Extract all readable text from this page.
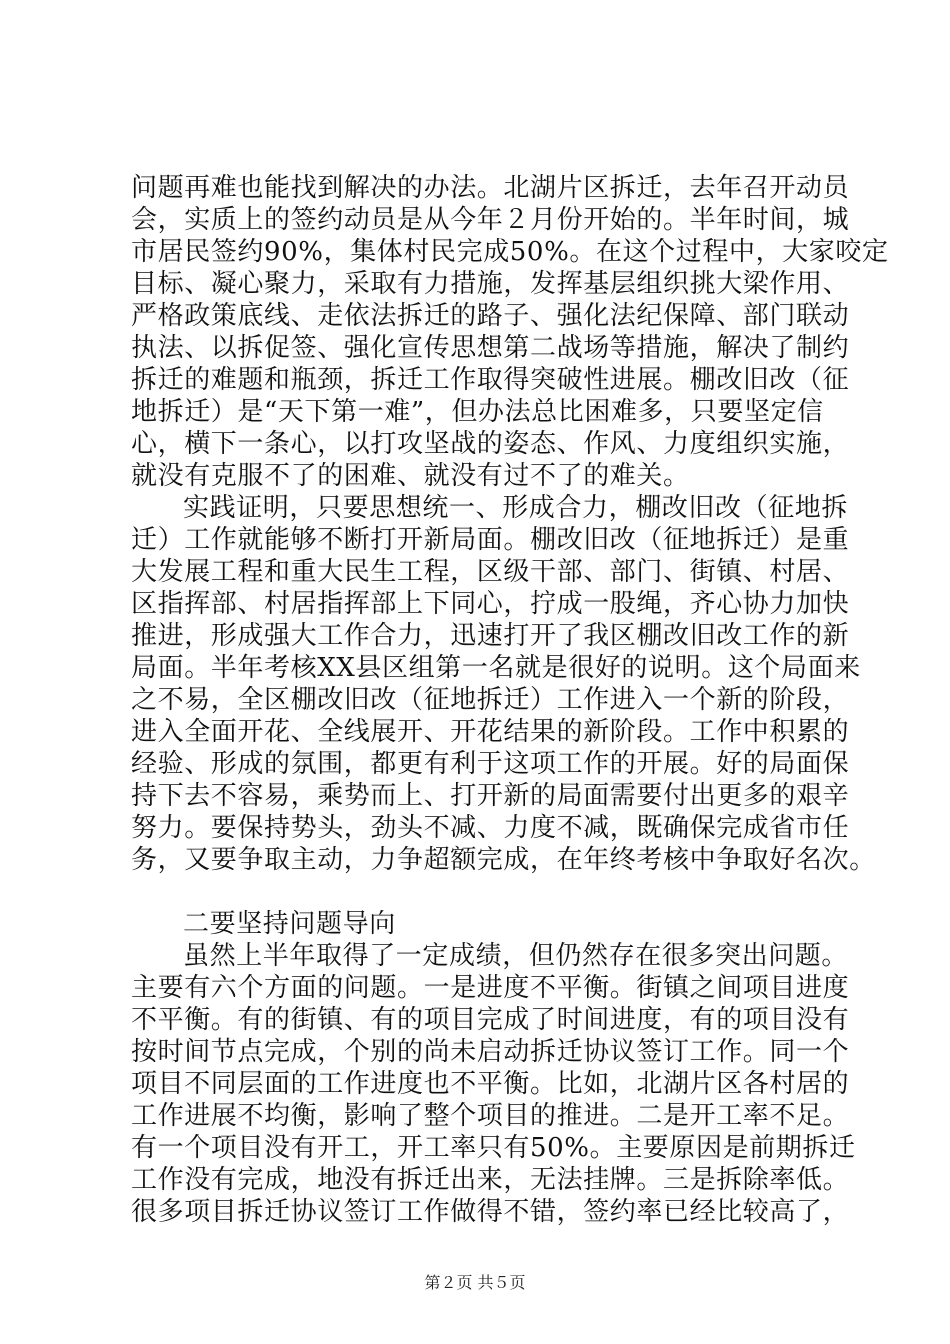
问题再难也能找到解决的办法。北湖片区拆迁，去年召开动员
会，实质上的签约动员是从今年２月份开始的。半年时间，城
市居民签约90%，集体村民完成50%。在这个过程中，大家咬定
目标、凝心聚力，采取有力措施，发挥基层组织挑大梁作用、
严格政策底线、走依法拆迁的路子、强化法纪保障、部门联动
执法、以拆促签、强化宣传思想第二战场等措施，解决了制约
拆迁的难题和瓶颈，拆迁工作取得突破性进展。棚改旧改（征
地拆迁）是“天下第一难”，但办法总比困难多，只要坚定信
心，横下一条心，以打攻坚战的姿态、作风、力度组织实施，
就没有克服不了的困难、就没有过不了的难关。
实践证明，只要思想统一、形成合力，棚改旧改（征地拆
迁）工作就能够不断打开新局面。棚改旧改（征地拆迁）是重
大发展工程和重大民生工程，区级干部、部门、街镇、村居、
区指挥部、村居指挥部上下同心，拧成一股绳，齐心协力加快
推进，形成强大工作合力，迅速打开了我区棚改旧改工作的新
局面。半年考核XX县区组第一名就是很好的说明。这个局面来
之不易，全区棚改旧改（征地拆迁）工作进入一个新的阶段，
进入全面开花、全线展开、开花结果的新阶段。工作中积累的
经验、形成的氛围，都更有利于这项工作的开展。好的局面保
持下去不容易，乘势而上、打开新的局面需要付出更多的艰辛
努力。要保持势头，劲头不减、力度不减，既确保完成省市任
务，又要争取主动，力争超额完成，在年终考核中争取好名次。
二要坚持问题导向
虽然上半年取得了一定成绩，但仍然存在很多突出问题。
主要有六个方面的问题。一是进度不平衡。街镇之间项目进度
不平衡。有的街镇、有的项目完成了时间进度，有的项目没有
按时间节点完成，个别的尚未启动拆迁协议签订工作。同一个
项目不同层面的工作进度也不平衡。比如，北湖片区各村居的
工作进展不均衡，影响了整个项目的推进。二是开工率不足。
有一个项目没有开工，开工率只有50%。主要原因是前期拆迁
工作没有完成，地没有拆迁出来，无法挂牌。三是拆除率低。
很多项目拆迁协议签订工作做得不错，签约率已经比较高了，
第２页 共５页
